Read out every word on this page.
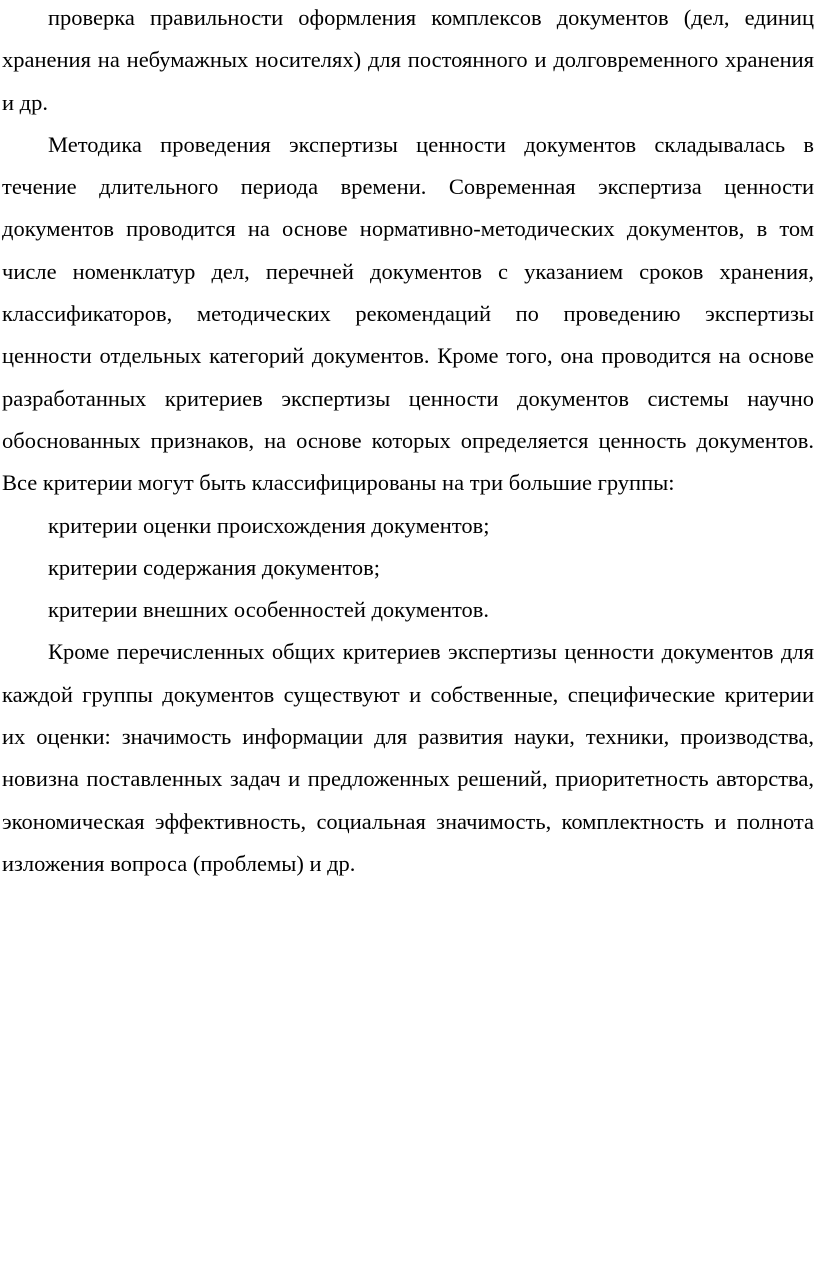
проверка правильности оформления комплексов документов (дел, единиц хранения на небумажных носителях) для постоянного и долговременного хранения и др.

Методика проведения экспертизы ценности документов складывалась в течение длительного периода времени. Современная экспертиза ценности документов проводится на основе нормативно-методических документов, в том числе номенклатур дел, перечней документов с указанием сроков хранения, классификаторов, методических рекомендаций по проведению экспертизы ценности отдельных категорий документов. Кроме того, она проводится на основе разработанных критериев экспертизы ценности документов системы научно обоснованных признаков, на основе которых определяется ценность документов. Все критерии могут быть классифицированы на три большие группы:

критерии оценки происхождения документов;

критерии содержания документов;

критерии внешних особенностей документов.

Кроме перечисленных общих критериев экспертизы ценности документов для каждой группы документов существуют и собственные, специфические критерии их оценки: значимость информации для развития науки, техники, производства, новизна поставленных задач и предложенных решений, приоритетность авторства, экономическая эффективность, социальная значимость, комплектность и полнота изложения вопроса (проблемы) и др.
